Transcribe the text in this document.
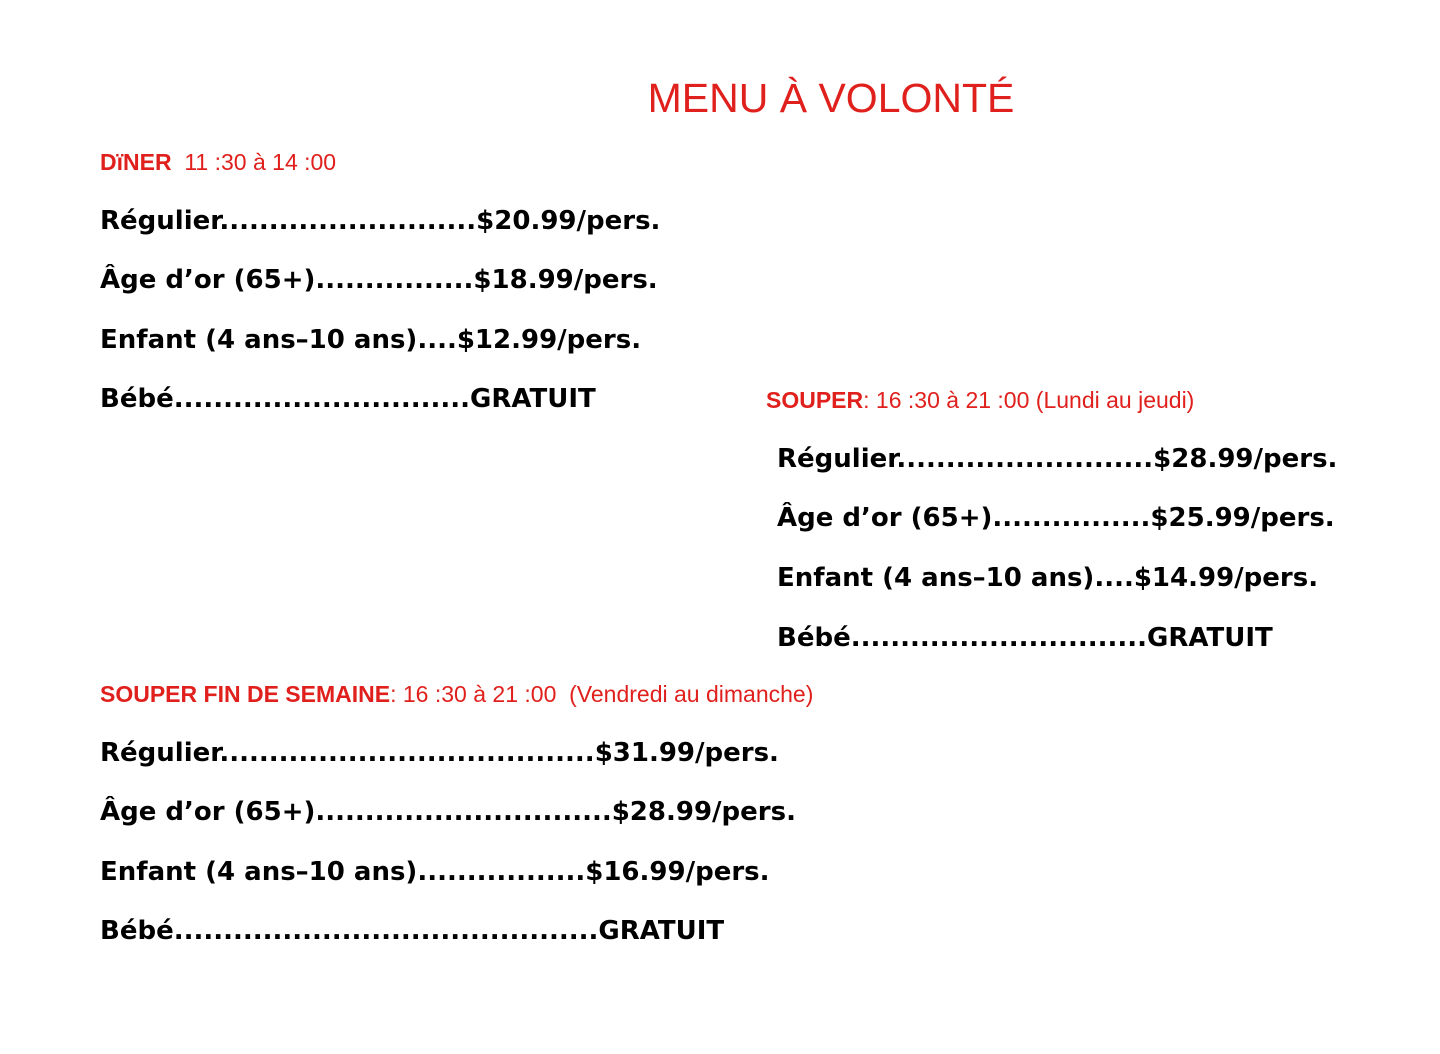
MENU À VOLONTÉ
DïNER 11 :30 à 14 :00
Régulier..........................$20.99/pers.
Âge d’or (65+)................$18.99/pers.
Enfant (4 ans–10 ans)....$12.99/pers.
Bébé..............................GRATUIT	SOUPER: 16 :30 à 21 :00 (Lundi au jeudi)
Régulier..........................$28.99/pers.
Âge d’or (65+)................$25.99/pers.
Enfant (4 ans–10 ans)....$14.99/pers.
Bébé..............................GRATUIT
SOUPER FIN DE SEMAINE: 16 :30 à 21 :00 (Vendredi au dimanche)
Régulier......................................$31.99/pers.
Âge d’or (65+)..............................$28.99/pers.
Enfant (4 ans–10 ans).................$16.99/pers.
Bébé...........................................GRATUIT
